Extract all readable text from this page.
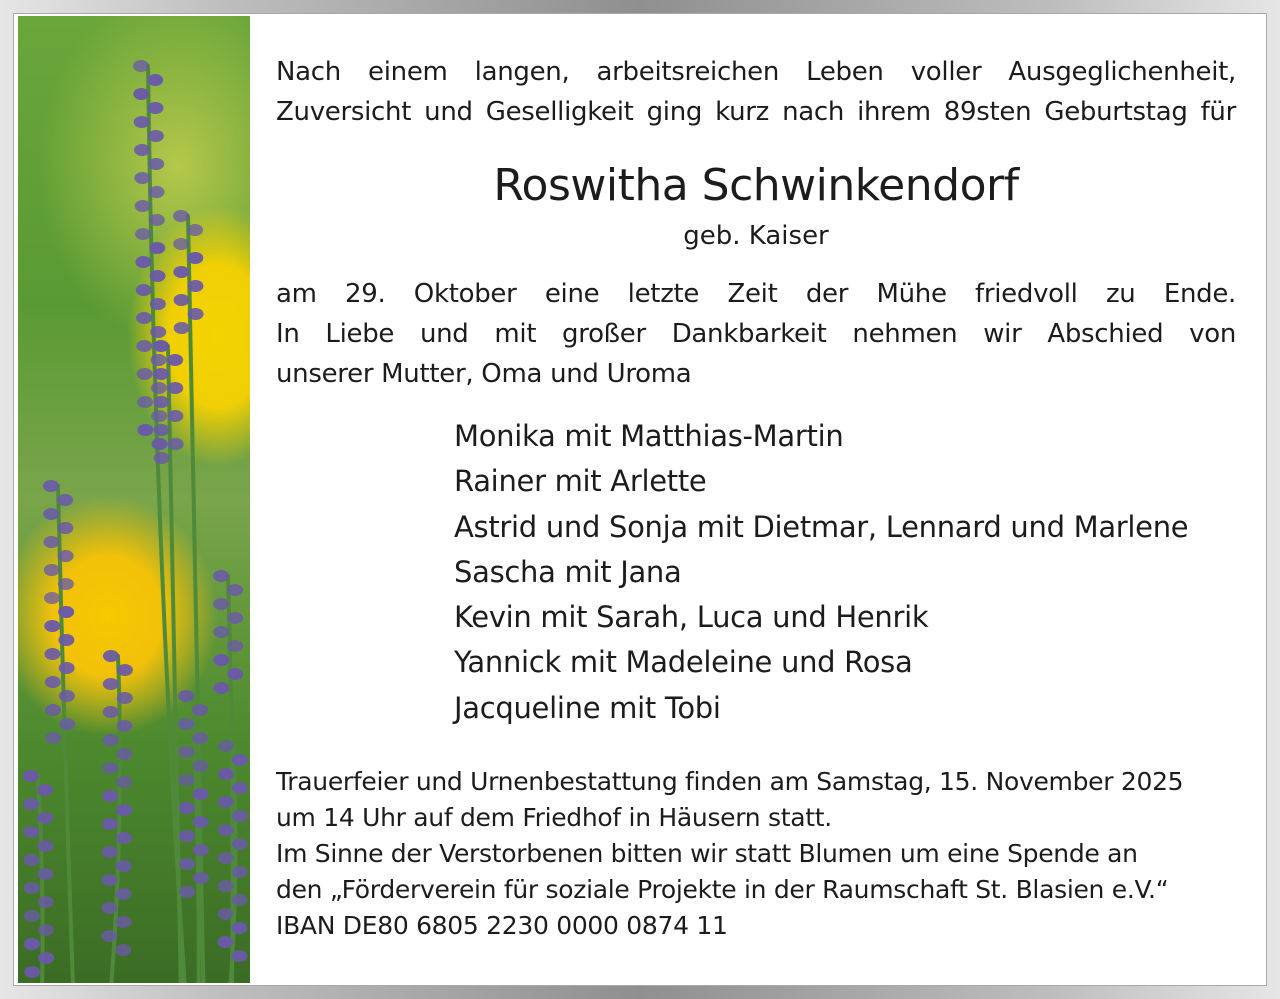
Nach einem langen, arbeitsreichen Leben voller Ausgeglichenheit,
Zuversicht und Geselligkeit ging kurz nach ihrem 89sten Geburtstag für

Roswitha Schwinkendorf
geb. Kaiser

am 29. Oktober eine letzte Zeit der Mühe friedvoll zu Ende.
In Liebe und mit großer Dankbarkeit nehmen wir Abschied von
unserer Mutter, Oma und Uroma

Monika mit Matthias-Martin
Rainer mit Arlette
Astrid und Sonja mit Dietmar, Lennard und Marlene
Sascha mit Jana
Kevin mit Sarah, Luca und Henrik
Yannick mit Madeleine und Rosa
Jacqueline mit Tobi

Trauerfeier und Urnenbestattung finden am Samstag, 15. November 2025
um 14 Uhr auf dem Friedhof in Häusern statt.
Im Sinne der Verstorbenen bitten wir statt Blumen um eine Spende an
den „Förderverein für soziale Projekte in der Raumschaft St. Blasien e.V.“
IBAN DE80 6805 2230 0000 0874 11
